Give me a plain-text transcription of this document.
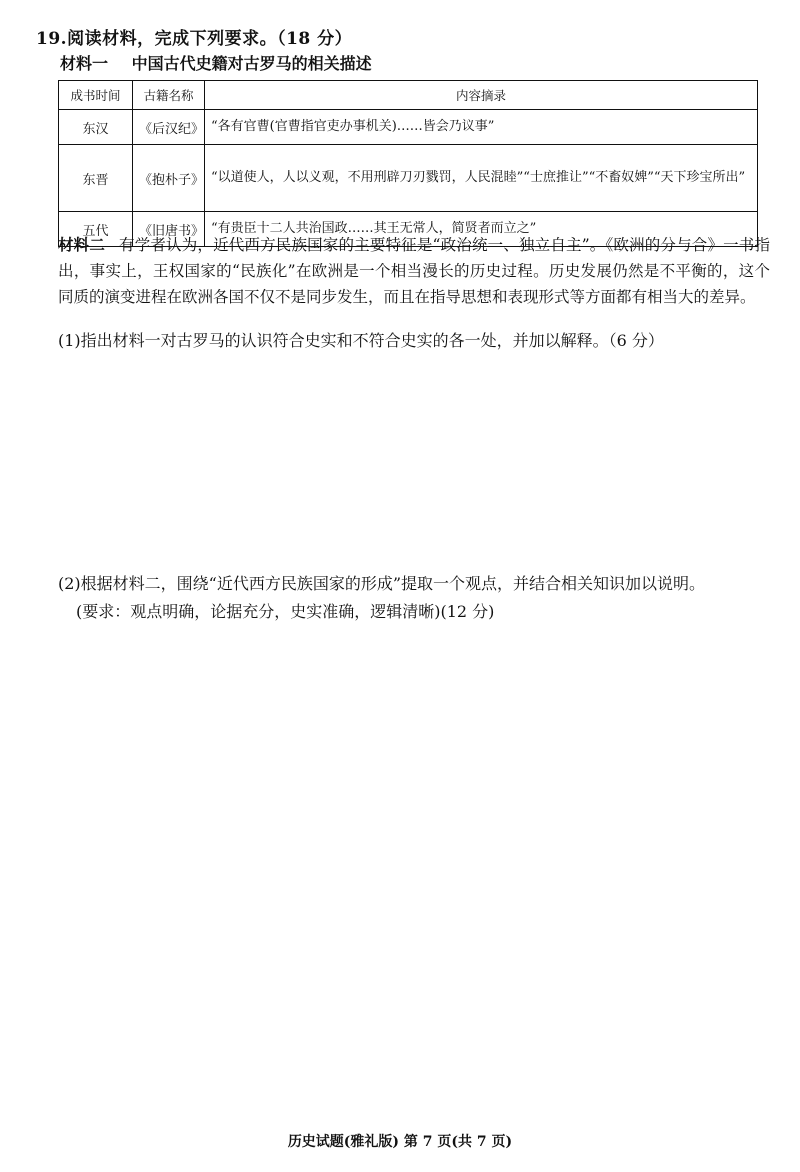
19.阅读材料，完成下列要求。（18 分）
材料一 中国古代史籍对古罗马的相关描述
成书时间	古籍名称	内容摘录
东汉	《后汉纪》	“各有官曹(官曹指官吏办事机关)……皆会乃议事”
东晋	《抱朴子》	“以道使人，人以义观，不用刑辟刀刃戮罚，人民混睦”“士庶推让”“不畜奴婢”“天下珍宝所出”
五代	《旧唐书》	“有贵臣十二人共治国政……其王无常人，简贤者而立之”
材料二 有学者认为，近代西方民族国家的主要特征是“政治统一、独立自主”。《欧洲的分与合》一书指出，事实上，王权国家的“民族化”在欧洲是一个相当漫长的历史过程。历史发展仍然是不平衡的，这个同质的演变进程在欧洲各国不仅不是同步发生，而且在指导思想和表现形式等方面都有相当大的差异。
(1)指出材料一对古罗马的认识符合史实和不符合史实的各一处，并加以解释。（6 分）
(2)根据材料二，围绕“近代西方民族国家的形成”提取一个观点，并结合相关知识加以说明。
(要求：观点明确，论据充分，史实准确，逻辑清晰)(12 分)
历史试题(雅礼版) 第 7 页(共 7 页)
